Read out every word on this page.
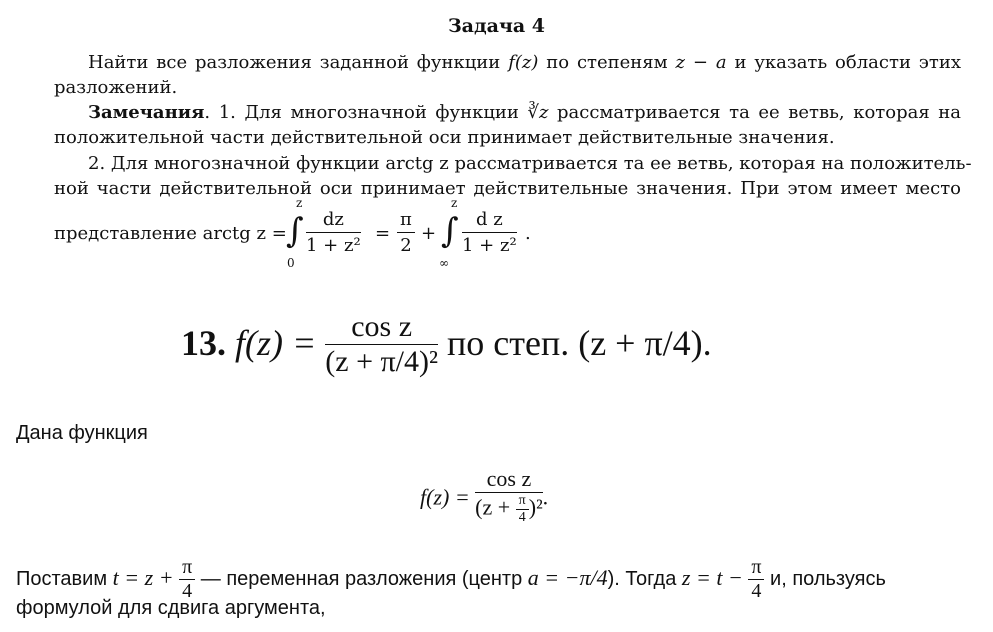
Задача 4
Найти все разложения заданной функции f(z) по степеням z − a и указать области этих
разложений.
Замечания. 1. Для многозначной функции ∛z рассматривается та ее ветвь, которая на
положительной части действительной оси принимает действительные значения.
2. Для многозначной функции arctg z рассматривается та ее ветвь, которая на положитель-
ной части действительной оси принимает действительные значения. При этом имеет место
представление arctg z =
z
∫
0
$\frac{dz}{\text{1 + z²}} = \frac{\pi}{2}$ +
z
∫
∞
$\frac{\text{d z}}{\text{1 + z²}}$ .
13. $f(z) = \frac{\text{cos z}}{\text{(z + π/4)²}}$ по степ. (z + π/4).
Дана функция
$f(z) = \frac{\text{cos z}}{(z + \frac{\pi}{4} )^2}$ .
Поставим $t = z + \frac{\pi}{4}$ — переменная разложения (центр a = −π/4). Тогда $z = t - \frac{\pi}{4} и$, пользуясь
формулой для сдвига аргумента,
